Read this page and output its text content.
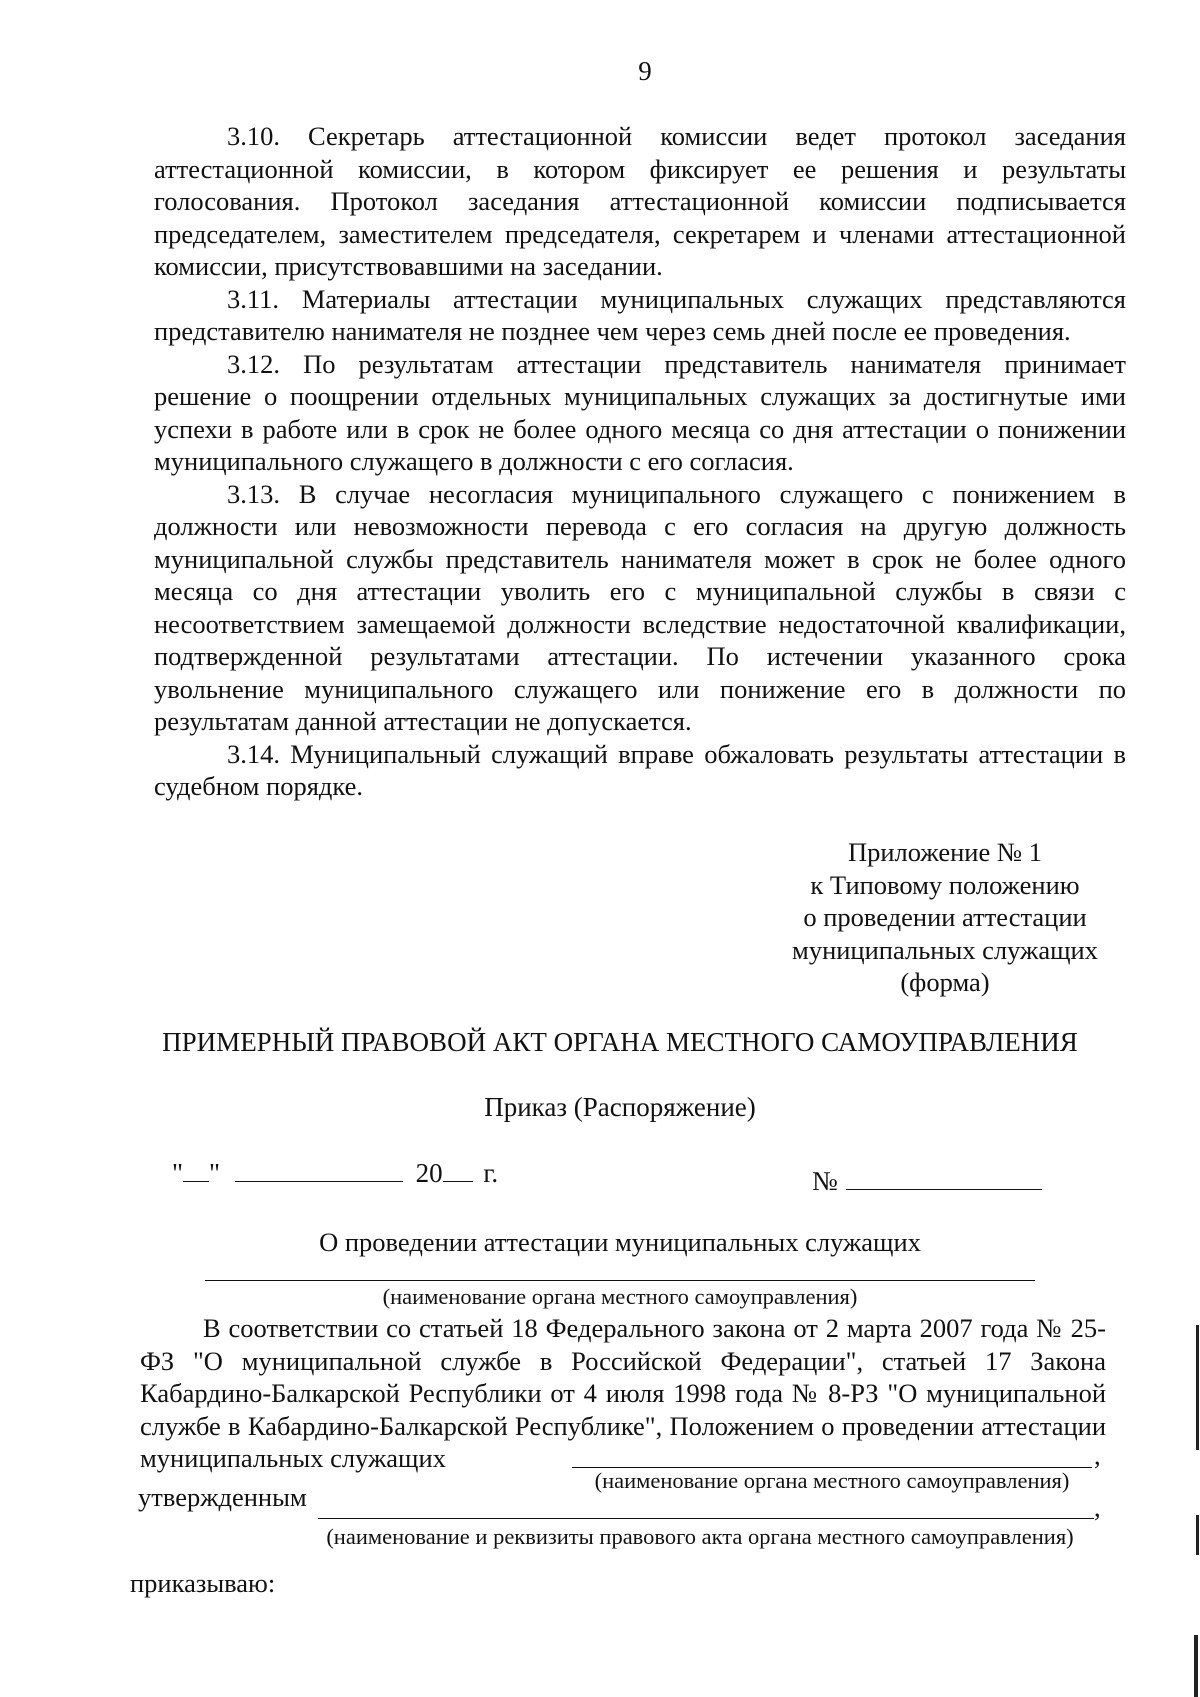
9

3.10. Секретарь аттестационной комиссии ведет протокол заседания аттестационной комиссии, в котором фиксирует ее решения и результаты голосования. Протокол заседания аттестационной комиссии подписывается председателем, заместителем председателя, секретарем и членами аттестационной комиссии, присутствовавшими на заседании.

3.11. Материалы аттестации муниципальных служащих представляются представителю нанимателя не позднее чем через семь дней после ее проведения.

3.12. По результатам аттестации представитель нанимателя принимает решение о поощрении отдельных муниципальных служащих за достигнутые ими успехи в работе или в срок не более одного месяца со дня аттестации о понижении муниципального служащего в должности с его согласия.

3.13. В случае несогласия муниципального служащего с понижением в должности или невозможности перевода с его согласия на другую должность муниципальной службы представитель нанимателя может в срок не более одного месяца со дня аттестации уволить его с муниципальной службы в связи с несоответствием замещаемой должности вследствие недостаточной квалификации, подтвержденной результатами аттестации. По истечении указанного срока увольнение муниципального служащего или понижение его в должности по результатам данной аттестации не допускается.

3.14. Муниципальный служащий вправе обжаловать результаты аттестации в судебном порядке.

Приложение № 1
к Типовому положению
о проведении аттестации
муниципальных служащих
(форма)
ПРИМЕРНЫЙ ПРАВОВОЙ АКТ ОРГАНА МЕСТНОГО САМОУПРАВЛЕНИЯ
Приказ (Распоряжение)
" "	20 г.	№
О проведении аттестации муниципальных служащих
(наименование органа местного самоуправления)

В соответствии со статьей 18 Федерального закона от 2 марта 2007 года № 25-ФЗ "О муниципальной службе в Российской Федерации", статьей 17 Закона Кабардино-Балкарской Республики от 4 июля 1998 года № 8-РЗ "О муниципальной службе в Кабардино-Балкарской Республике", Положением о проведении аттестации муниципальных служащих	,
(наименование органа местного самоуправления)
утвержденным	,
(наименование и реквизиты правового акта органа местного самоуправления)
приказываю:
